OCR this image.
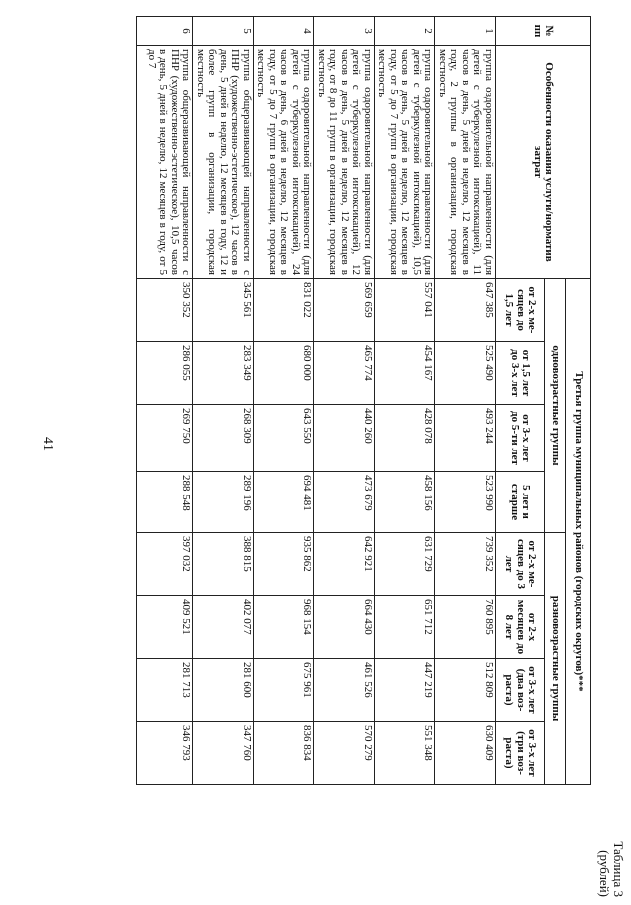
41
Таблица 3
(рублей)
№ пп	Особенности оказания услуги/норматив затрат	Третья группа муниципальных районов (городских округов)***							
		одновозрастные группы				разновозрастные группы			
		от 2-х ме-сяцев до 1,5 лет	от 1,5 лет до 3-х лет	от 3-х лет до 5-ти лет	5 лет и старше	от 2-х ме-сяцев до 3 лет	от 2-х месяцев до 8 лет	от 3-х лет (два воз-раста)	от 3-х лет (три воз-раста)
1	группа оздоровительной направленности (для детей с туберкулезной интоксикацией), 11 часов в день, 5 дней в неделю, 12 месяцев в году, 2 группы в организации, городская местность	647 385	525 490	493 244	523 990	739 352	760 895	512 809	630 409
2	группа оздоровительной направленности (для детей с туберкулезной интоксикацией), 10,5 часов в день, 5 дней в неделю, 12 месяцев в году, от 5 до 7 групп в организации, городская местность	557 041	454 167	428 078	458 156	631 729	651 712	447 219	551 348
3	группа оздоровительной направленности (для детей с туберкулезной интоксикацией), 12 часов в день, 5 дней в неделю, 12 месяцев в году, от 8 до 11 групп в организации, городская местность	569 659	465 774	440 260	473 679	642 921	664 430	461 526	570 279
4	группа оздоровительной направленности (для детей с туберкулезной интоксикацией), 24 часов в день, 6 дней в неделю, 12 месяцев в году, от 5 до 7 групп в организации, городская местность	831 022	680 000	643 550	694 481	935 862	968 154	675 961	836 834
5	группа общеразвивающей направленности с ПНР (художественно-эстетическое), 12 часов в день, 5 дней в неделю, 12 месяцев в году, 12 и более групп в организации, городская местность	345 561	283 349	268 309	289 196	388 815	402 077	281 600	347 760
6	группа общеразвивающей направленности с ПНР (художественно-эстетическое), 10,5 часов в день, 5 дней в неделю, 12 месяцев в году, от 5 до 7	350 352	286 055	269 750	288 548	397 032	409 521	281 713	346 793
